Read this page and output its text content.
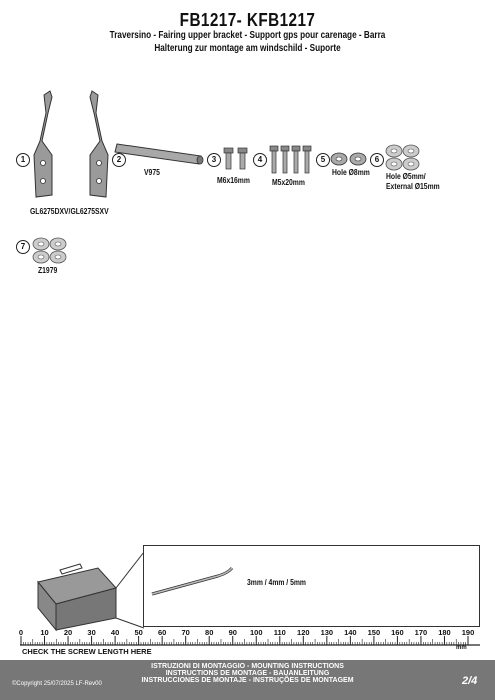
FB1217- KFB1217
Traversino - Fairing upper bracket - Support gps pour carenage - Barra
Halterung zur montage am windschild - Suporte
1
GL6275DXV/GL6275SXV
2
V975
3
M6x16mm
4
M5x20mm
5
Hole Ø8mm
6
Hole Ø5mm/
External Ø15mm
7
Z1979
3mm / 4mm / 5mm
0	10	20	30	40	50	60	70	80	90	100	110	120	130	140	150	160	170	180	190
mm
CHECK THE SCREW LENGTH HERE
ISTRUZIONI DI MONTAGGIO - MOUNTING INSTRUCTIONS
INSTRUCTIONS DE MONTAGE - BAUANLEITUNG
INSTRUCCIONES DE MONTAJE - INSTRUÇÕES DE MONTAGEM
©Copyright 25/07/2025 LF-Rev00	2/4
